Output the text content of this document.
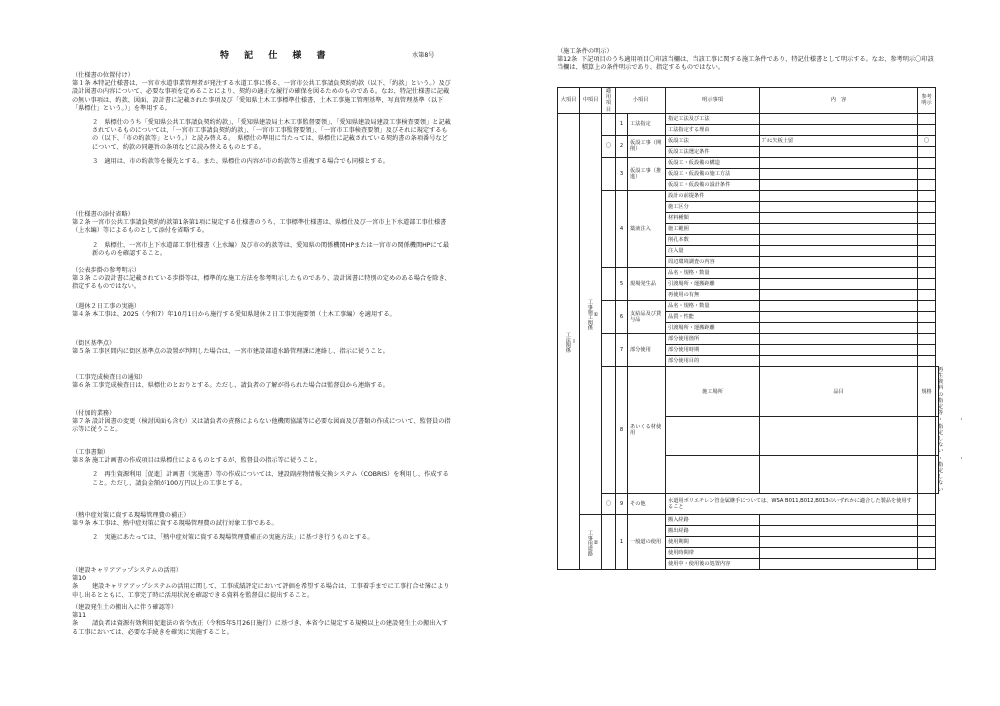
特 記 仕 様 書	水第8号
（仕様書の位置付け）
第１条本特記仕様書は、一宮市水道事業管理者が発注する水道工事に係る、一宮市公共工事請負契約約款（以下、「約款」という。）及び設計図書の内容について、必要な事項を定めることにより、契約の適正な履行の確保を図るためのものである。なお、特記仕様書に記載の無い事項は、約款、図面、設計書に記載された事項及び「愛知県土木工事標準仕様書、土木工事施工管理基準、写真管理基準（以下「県標仕」という。）」を準用する。
２　県標仕のうち「愛知県公共工事請負契約約款」、「愛知県建設局土木工事監督要領」、「愛知県建設局建設工事検査要領」と記載されているものについては、「一宮市工事請負契約約款」、「一宮市工事監督要領」、「一宮市工事検査要領」及びそれに規定するもの（以下、「市の約款等」という。）と読み替える。　県標仕の準用に当たっては、県標仕に記載されている契約書の条項番号などについて、約款の同趣旨の条項などに読み替えるものとする。
３　適用は、市の約款等を優先とする。また、県標仕の内容が市の約款等と重複する場合でも同様とする。
（仕様書の添付省略）
第２条一宮市公共工事請負契約約款第1条第1項に規定する仕様書のうち、工事標準仕様書は、県標仕及び一宮市上下水道部工事仕様書（上水編）等によるものとして添付を省略する。
２　県標仕、一宮市上下水道部工事仕様書（上水編）及び市の約款等は、愛知県の関係機関HPまたは一宮市の関係機関HPにて最新のものを確認すること。
（公表歩掛の参考明示）
第３条この設計書に記載されている歩掛等は、標準的な施工方法を参考明示したものであり、設計図書に特別の定めのある場合を除き、指定するものではない。
（週休２日工事の実施）
第４条本工事は、2025（令和7）年10月1日から施行する愛知県週休２日工事実施要領（土木工事編）を適用する。
（街区基準点）
第５条工事区間内に街区基準点の設置が判明した場合は、一宮市建設部道水路管理課に連絡し、指示に従うこと。
（工事完成検査日の通知）
第６条工事完成検査日は、県標仕のとおりとする。ただし、請負者の了解が得られた場合は監督員から連絡する。
（付加的業務）
第７条設計図書の変更（検討図面も含む）又は請負者の責務によらない他機関協議等に必要な図面及び書類の作成について、監督員の指示等に従うこと。
（工事書類）
第８条施工計画書の作成項目は県標仕によるものとするが、監督員の指示等に従うこと。
２　再生資源利用［促進］計画書（実施書）等の作成については、建設副産物情報交換システム（COBRIS）を利用し、作成すること。ただし、請負金額が100万円以上の工事とする。
（熱中症対策に資する現場管理費の補正）
第９条本工事は、熱中症対策に資する現場管理費の試行対象工事である。
２　実施にあたっては、「熱中症対策に資する現場管理費補正の実施方法」に基づき行うものとする。
（建設キャリアアップシステムの活用）
第10条 建設キャリアアップシステムの活用に関して、工事成績評定において評価を希望する場合は、工事着手までに工事打合せ簿により申し出るとともに、工事完了時に活用状況を確認できる資料を監督員に提出すること。
（建設発生土の搬出入に伴う確認等）
第11条 請負者は資源有効利用促進法の省令改正（令和5年5月26日施行）に基づき、本省令に規定する規模以上の建設発生土の搬出入する工事においては、必要な手続きを確実に実施すること。
（施工条件の明示）
第12条 下記項目のうち適用項目〇印該当欄は、当該工事に関する施工条件であり、特記仕様書として明示する。なお、参考明示〇印該当欄は、積算上の条件明示であり、指定するものではない。
大項目	中項目	適用項目	小項目		明示事項	内　容	参考明示	
Ⅰ
工法関係	①
工事施工関係		1	工法指定	指定工法及び工法			
					工法指定する理由			
		〇	2	仮設工事（開削）	仮設工法	ﾌﾞﾙﾆ矢板土留	〇	
					仮設工法選定条件			
			3	仮設工事（推進）	仮設工・仮設備の構造			
					仮設工・仮設備の施工方法			
					仮設工・仮設備の設計条件			
			4	薬液注入	設計の前提条件			
					施工区分			
					材料種類			
					施工範囲			
					削孔本数			
					注入量			
					周辺環境調査の内容			
			5	現場発生品	品名・規格・数量			
					引渡場所・運搬距離			
					再使用の有無			
			6	支給品及び貸与品	品名・規格・数量			
					品質・性能			
					引渡場所・運搬距離			
			7	部分使用	部分使用箇所			
					部分使用時期			
					部分使用目的			
			8	あいくる材使用	施工場所	品目	規格	再生資料の指定等
								・　　　・指定しない
								・　　　・指定しない
		〇	9	その他	水道用ポリエチレン管金属継手については、WSA B011,B012,B013のいずれかに適合した製品を使用すること			
	②
工事用道路		1	一般道の使用	搬入経路			
					搬出経路			
					使用期間			
					使用時間帯			
					使用中・使用後の処置内容			
